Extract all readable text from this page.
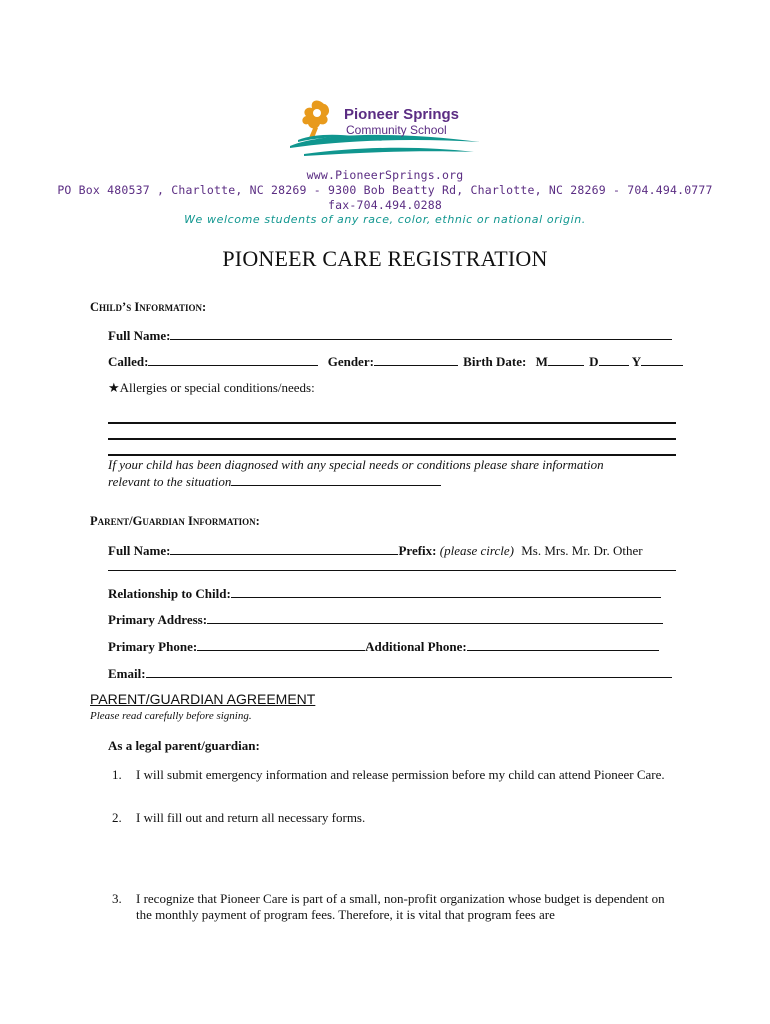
Pioneer Springs
Community School
www.PioneerSprings.org
PO Box 480537 , Charlotte, NC 28269 - 9300 Bob Beatty Rd, Charlotte, NC 28269 - 704.494.0777
fax-704.494.0288
We welcome students of any race, color, ethnic or national origin.
PIONEER CARE REGISTRATION
Child’s Information:
Full Name:
Called:	Gender:	Birth Date: M	D	Y
★Allergies or special conditions/needs:
If your child has been diagnosed with any special needs or conditions please share information
relevant to the situation
Parent/Guardian Information:
Full Name:	Prefix: (please circle) Ms. Mrs. Mr. Dr. Other
Relationship to Child:
Primary Address:
Primary Phone:	Additional Phone:
Email:
PARENT/GUARDIAN AGREEMENT
Please read carefully before signing.
As a legal parent/guardian:
1. I will submit emergency information and release permission before my child can attend Pioneer Care.
2. I will fill out and return all necessary forms.
3. I recognize that Pioneer Care is part of a small, non-profit organization whose budget is dependent on the monthly payment of program fees. Therefore, it is vital that program fees are
